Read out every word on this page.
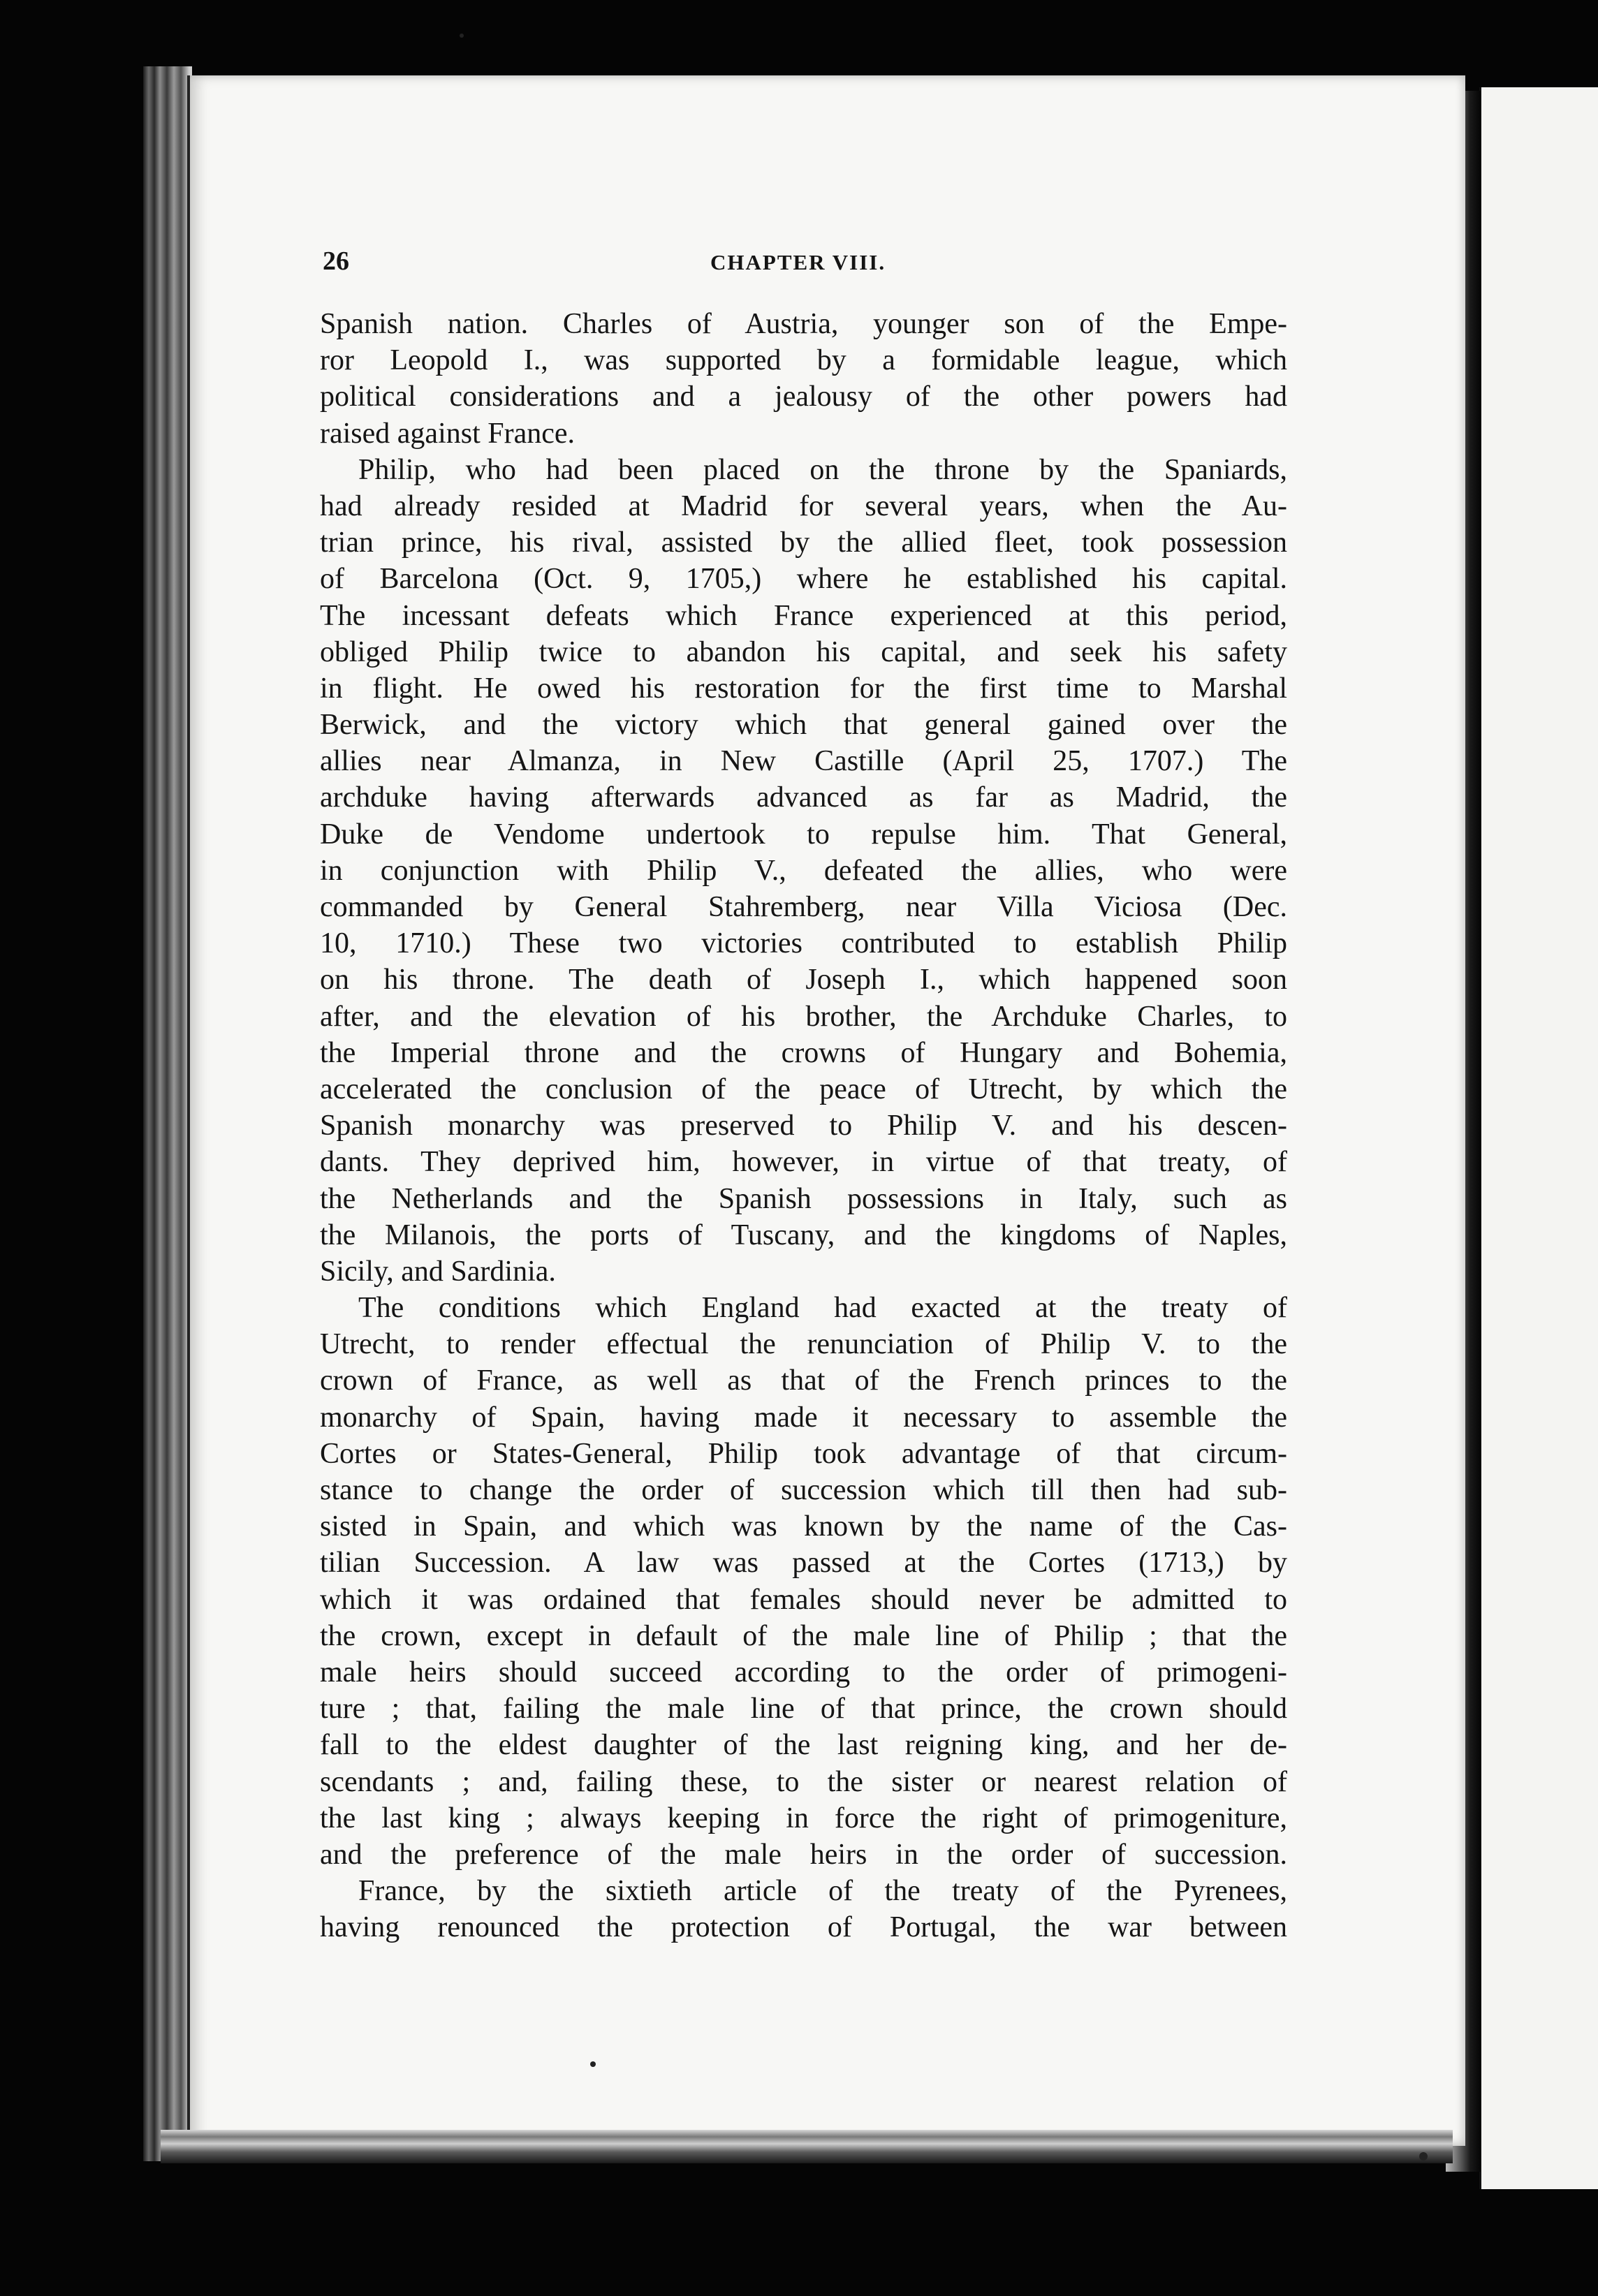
26	CHAPTER VIII.
Spanish nation. Charles of Austria, younger son of the Empe-
ror Leopold I., was supported by a formidable league, which
political considerations and a jealousy of the other powers had
raised against France.
Philip, who had been placed on the throne by the Spaniards,
had already resided at Madrid for several years, when the Au-
trian prince, his rival, assisted by the allied fleet, took possession
of Barcelona (Oct. 9, 1705,) where he established his capital.
The incessant defeats which France experienced at this period,
obliged Philip twice to abandon his capital, and seek his safety
in flight. He owed his restoration for the first time to Marshal
Berwick, and the victory which that general gained over the
allies near Almanza, in New Castille (April 25, 1707.) The
archduke having afterwards advanced as far as Madrid, the
Duke de Vendome undertook to repulse him. That General,
in conjunction with Philip V., defeated the allies, who were
commanded by General Stahremberg, near Villa Viciosa (Dec.
10, 1710.) These two victories contributed to establish Philip
on his throne. The death of Joseph I., which happened soon
after, and the elevation of his brother, the Archduke Charles, to
the Imperial throne and the crowns of Hungary and Bohemia,
accelerated the conclusion of the peace of Utrecht, by which the
Spanish monarchy was preserved to Philip V. and his descen-
dants. They deprived him, however, in virtue of that treaty, of
the Netherlands and the Spanish possessions in Italy, such as
the Milanois, the ports of Tuscany, and the kingdoms of Naples,
Sicily, and Sardinia.
The conditions which England had exacted at the treaty of
Utrecht, to render effectual the renunciation of Philip V. to the
crown of France, as well as that of the French princes to the
monarchy of Spain, having made it necessary to assemble the
Cortes or States-General, Philip took advantage of that circum-
stance to change the order of succession which till then had sub-
sisted in Spain, and which was known by the name of the Cas-
tilian Succession. A law was passed at the Cortes (1713,) by
which it was ordained that females should never be admitted to
the crown, except in default of the male line of Philip ; that the
male heirs should succeed according to the order of primogeni-
ture ; that, failing the male line of that prince, the crown should
fall to the eldest daughter of the last reigning king, and her de-
scendants ; and, failing these, to the sister or nearest relation of
the last king ; always keeping in force the right of primogeniture,
and the preference of the male heirs in the order of succession.
France, by the sixtieth article of the treaty of the Pyrenees,
having renounced the protection of Portugal, the war between
